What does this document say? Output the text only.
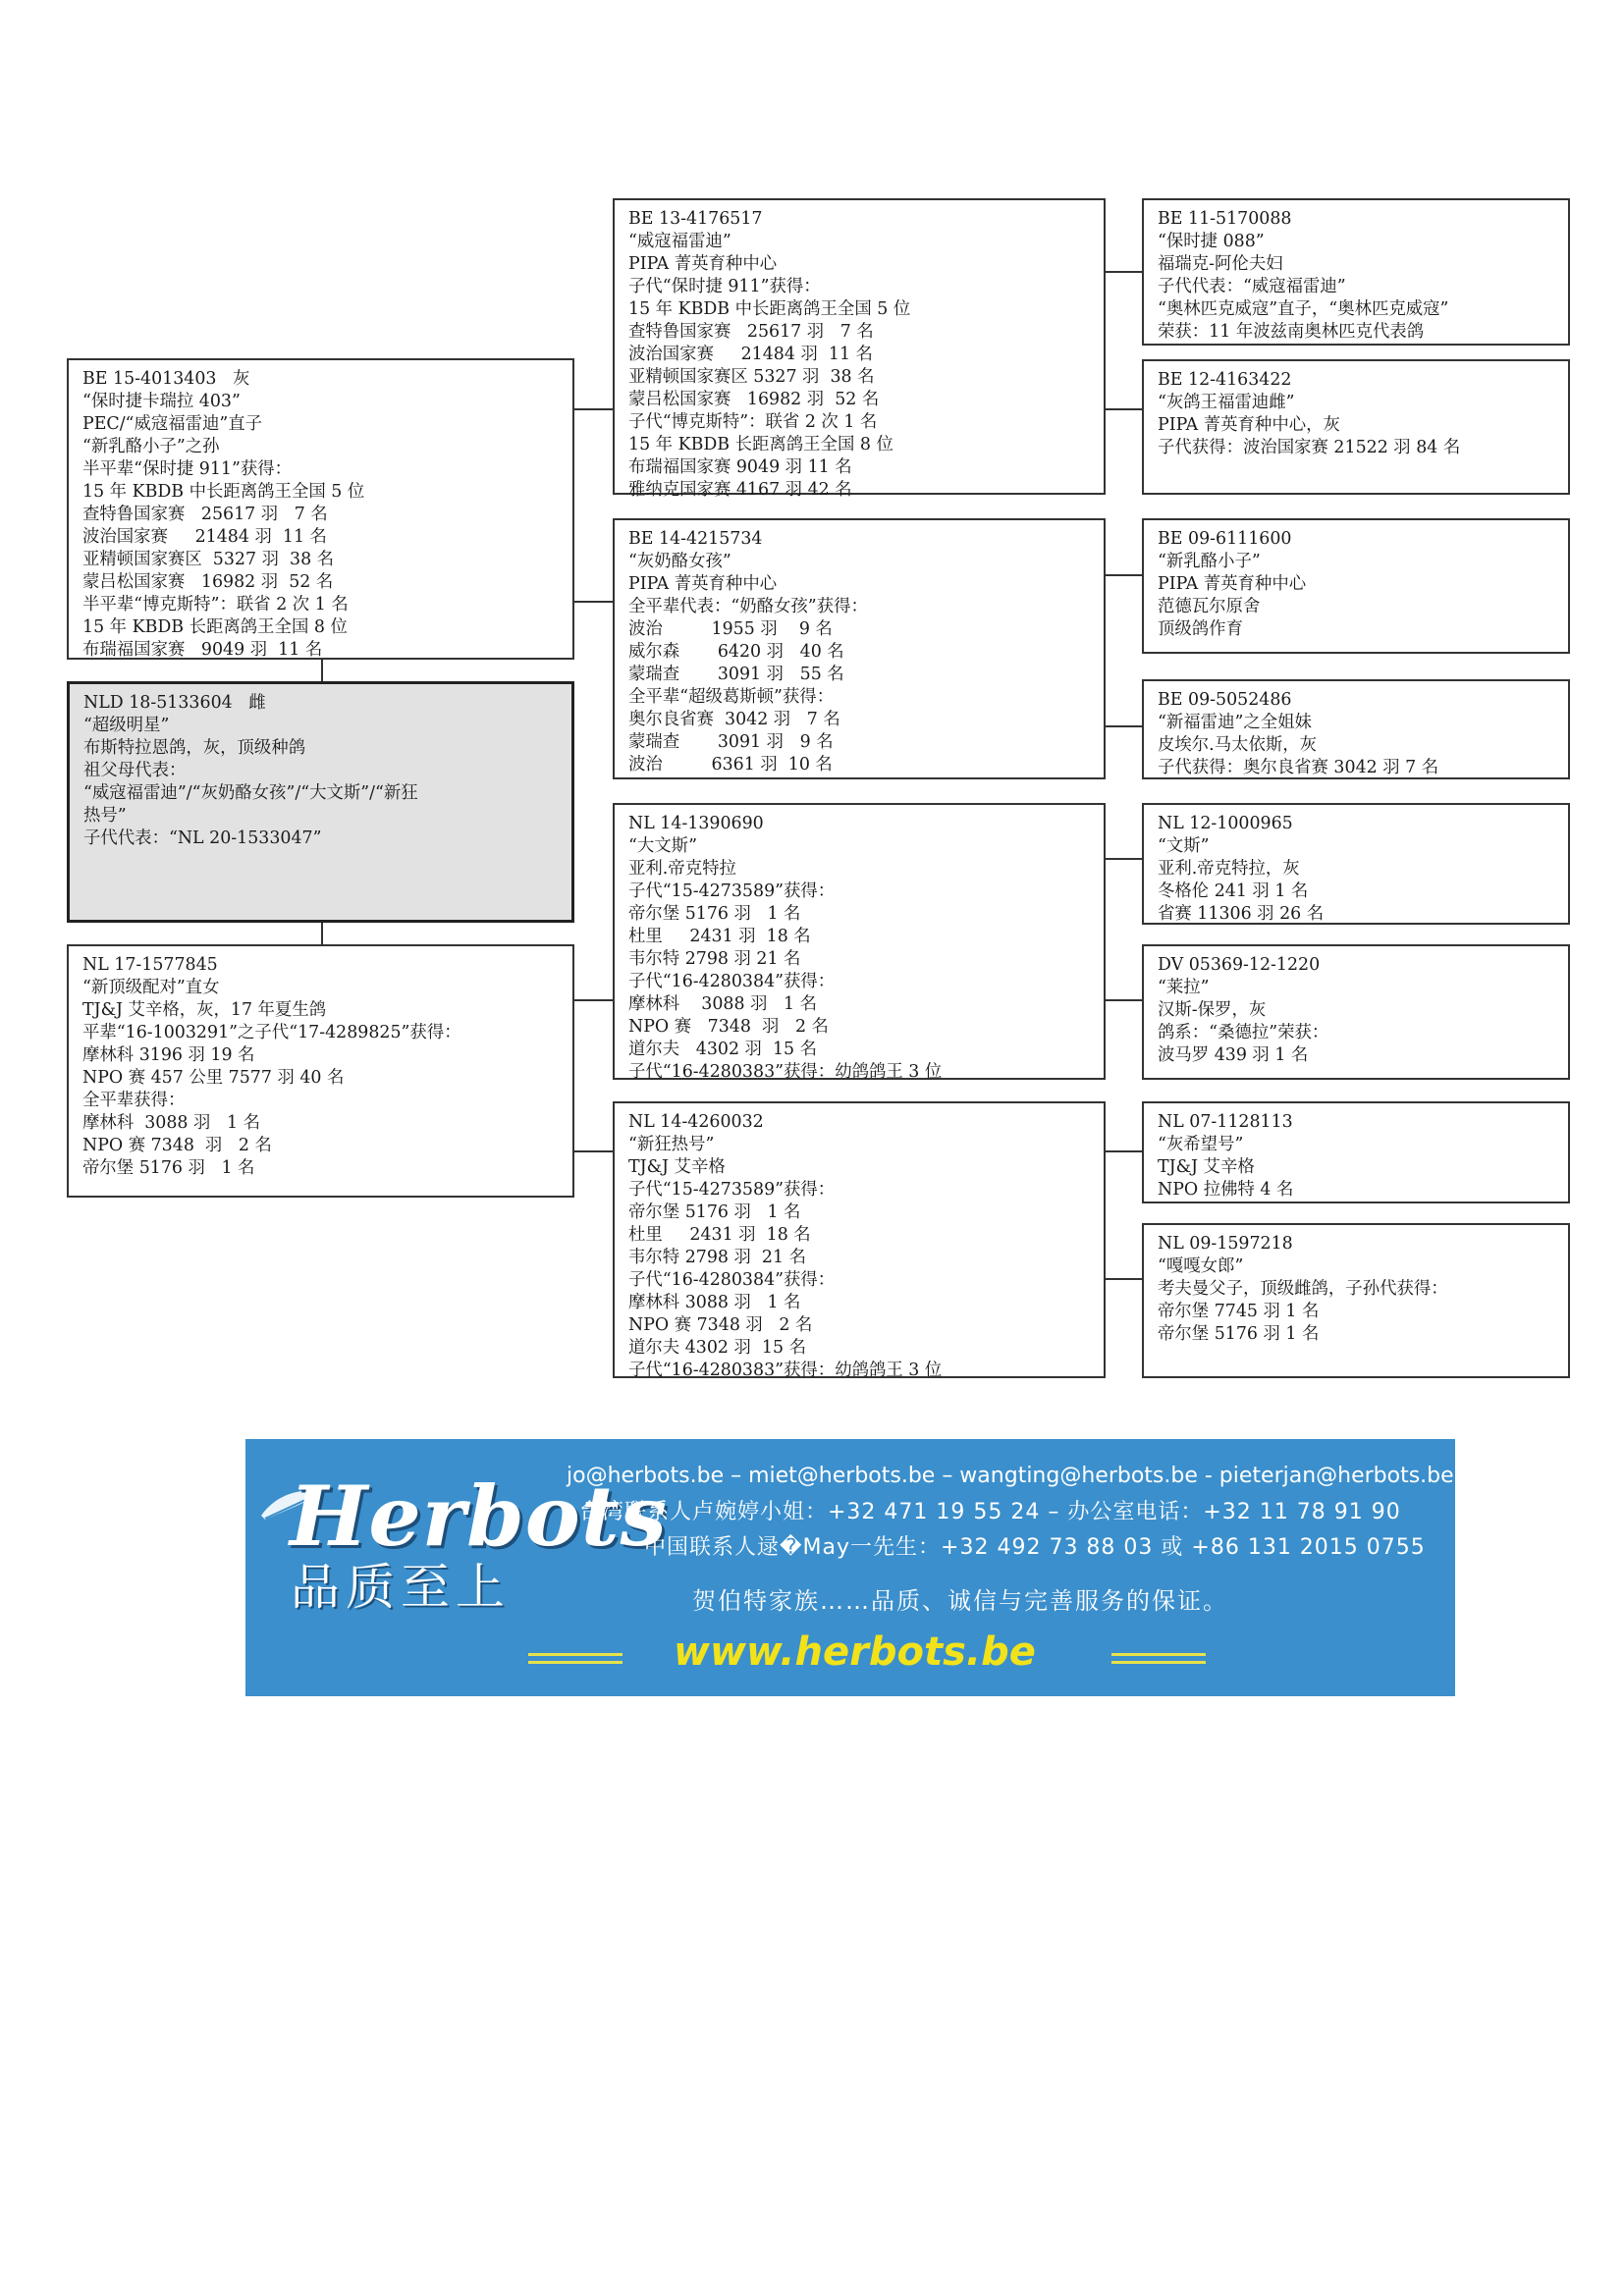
NLD 18-5133604   雌
“超级明星”
布斯特拉恩鸽，灰，顶级种鸽
祖父母代表：
“威寇福雷迪”/“灰奶酪女孩”/“大文斯”/“新狂
热号”
子代代表：“NL 20-1533047”
BE 15-4013403   灰
“保时捷卡瑞拉 403”
PEC/“威寇福雷迪”直子
“新乳酪小子”之孙
半平辈“保时捷 911”获得：
15 年 KBDB 中长距离鸽王全国 5 位
查特鲁国家赛   25617 羽   7 名
波治国家赛     21484 羽  11 名
亚精顿国家赛区  5327 羽  38 名
蒙吕松国家赛   16982 羽  52 名
半平辈“博克斯特”：联省 2 次 1 名
15 年 KBDB 长距离鸽王全国 8 位
布瑞福国家赛   9049 羽  11 名
NL 17-1577845
“新顶级配对”直女
TJ&J 艾辛格，灰，17 年夏生鸽
平辈“16-1003291”之子代“17-4289825”获得：
摩林科 3196 羽 19 名
NPO 赛 457 公里 7577 羽 40 名
全平辈获得：
摩林科  3088 羽   1 名
NPO 赛 7348  羽   2 名
帝尔堡 5176 羽   1 名
BE 13-4176517
“威寇福雷迪”
PIPA 菁英育种中心
子代“保时捷 911”获得：
15 年 KBDB 中长距离鸽王全国 5 位
查特鲁国家赛   25617 羽   7 名
波治国家赛     21484 羽  11 名
亚精顿国家赛区 5327 羽  38 名
蒙吕松国家赛   16982 羽  52 名
子代“博克斯特”：联省 2 次 1 名
15 年 KBDB 长距离鸽王全国 8 位
布瑞福国家赛 9049 羽 11 名
雅纳克国家赛 4167 羽 42 名
BE 14-4215734
“灰奶酪女孩”
PIPA 菁英育种中心
全平辈代表：“奶酪女孩”获得：
波治         1955 羽    9 名
威尔森       6420 羽   40 名
蒙瑞查       3091 羽   55 名
全平辈“超级葛斯顿”获得：
奥尔良省赛  3042 羽   7 名
蒙瑞查       3091 羽   9 名
波治         6361 羽  10 名
NL 14-1390690
“大文斯”
亚利.帝克特拉
子代“15-4273589”获得：
帝尔堡 5176 羽   1 名
杜里     2431 羽  18 名
韦尔特 2798 羽 21 名
子代“16-4280384”获得：
摩林科    3088 羽   1 名
NPO 赛   7348  羽   2 名
道尔夫   4302 羽  15 名
子代“16-4280383”获得：幼鸽鸽王 3 位
NL 14-4260032
“新狂热号”
TJ&J 艾辛格
子代“15-4273589”获得：
帝尔堡 5176 羽   1 名
杜里     2431 羽  18 名
韦尔特 2798 羽  21 名
子代“16-4280384”获得：
摩林科 3088 羽   1 名
NPO 赛 7348 羽   2 名
道尔夫 4302 羽  15 名
子代“16-4280383”获得：幼鸽鸽王 3 位
BE 11-5170088
“保时捷 088”
福瑞克-阿伦夫妇
子代代表：“威寇福雷迪”
“奥林匹克威寇”直子，“奥林匹克威寇”
荣获：11 年波兹南奥林匹克代表鸽
BE 12-4163422
“灰鸽王福雷迪雌”
PIPA 菁英育种中心，灰
子代获得：波治国家赛 21522 羽 84 名
BE 09-6111600
“新乳酪小子”
PIPA 菁英育种中心
范德瓦尔原舍
顶级鸽作育
BE 09-5052486
“新福雷迪”之全姐妹
皮埃尔.马太依斯，灰
子代获得：奥尔良省赛 3042 羽 7 名
NL 12-1000965
“文斯”
亚利.帝克特拉，灰
冬格伦 241 羽 1 名
省赛 11306 羽 26 名
DV 05369-12-1220
“莱拉”
汉斯-保罗，灰
鸽系：“桑德拉”荣获：
波马罗 439 羽 1 名
NL 07-1128113
“灰希望号”
TJ&J 艾辛格
NPO 拉佛特 4 名
NL 09-1597218
“嘎嘎女郎”
考夫曼父子，顶级雌鸽，子孙代获得：
帝尔堡 7745 羽 1 名
帝尔堡 5176 羽 1 名
Herbots
品质至上
jo@herbots.be – miet@herbots.be – wangting@herbots.be - pieterjan@herbots.be
台湾联系人卢婉婷小姐：+32 471 19 55 24 – 办公室电话：+32 11 78 91 90
中国联系人逯�May一先生：+32 492 73 88 03 或 +86 131 2015 0755
贺伯特家族……品质、诚信与完善服务的保证。
www.herbots.be
